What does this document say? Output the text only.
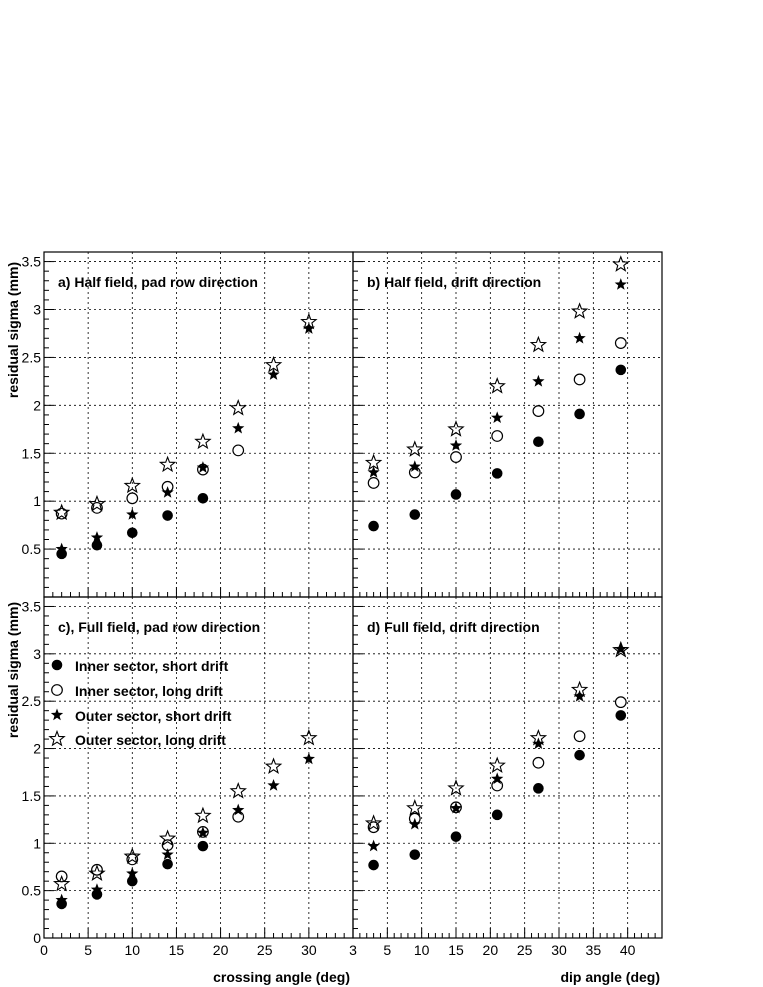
0.5
1
1.5
2
2.5
3
3.5
a) Half field, pad row direction	b) Half field, drift direction
0	5 10 15 20 25 30 3
0
0.5
1
1.5
2
2.5
3
3.5
c), Full field, pad row direction
5 10 15 20 25 30 35 40
d) Full field, drift direction
residual sigma (mm)
residual sigma (mm)
crossing angle (deg)	dip angle (deg)
Inner sector, short drift
Inner sector, long drift
Outer sector, short drift
Outer sector, long drift
